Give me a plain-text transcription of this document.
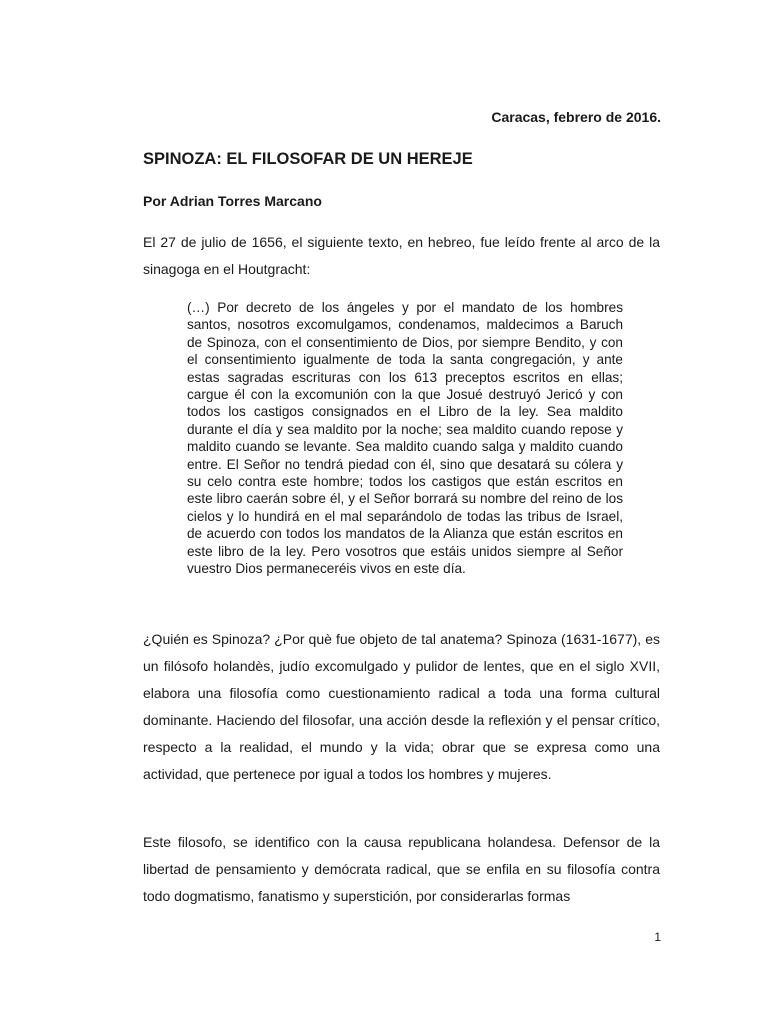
Caracas, febrero de 2016.
SPINOZA: EL FILOSOFAR DE UN HEREJE
Por Adrian Torres Marcano

El 27 de julio de 1656, el siguiente texto, en hebreo, fue leído frente al arco de la sinagoga en el Houtgracht:

(…) Por decreto de los ángeles y por el mandato de los hombres santos, nosotros excomulgamos, condenamos, maldecimos a Baruch de Spinoza, con el consentimiento de Dios, por siempre Bendito, y con el consentimiento igualmente de toda la santa congregación, y ante estas sagradas escrituras con los 613 preceptos escritos en ellas; cargue él con la excomunión con la que Josué destruyó Jericó y con todos los castigos consignados en el Libro de la ley. Sea maldito durante el día y sea maldito por la noche; sea maldito cuando repose y maldito cuando se levante. Sea maldito cuando salga y maldito cuando entre. El Señor no tendrá piedad con él, sino que desatará su cólera y su celo contra este hombre; todos los castigos que están escritos en este libro caerán sobre él, y el Señor borrará su nombre del reino de los cielos y lo hundirá en el mal separándolo de todas las tribus de Israel, de acuerdo con todos los mandatos de la Alianza que están escritos en este libro de la ley. Pero vosotros que estáis unidos siempre al Señor vuestro Dios permaneceréis vivos en este día.

¿Quién es Spinoza? ¿Por què fue objeto de tal anatema? Spinoza (1631-1677), es un filósofo holandès, judío excomulgado y pulidor de lentes, que en el siglo XVII, elabora una filosofía como cuestionamiento radical a toda una forma cultural dominante. Haciendo del filosofar, una acción desde la reflexión y el pensar crítico, respecto a la realidad, el mundo y la vida; obrar que se expresa como una actividad, que pertenece por igual a todos los hombres y mujeres.

Este filosofo, se identifico con la causa republicana holandesa. Defensor de la libertad de pensamiento y demócrata radical, que se enfila en su filosofía contra todo dogmatismo, fanatismo y superstición, por considerarlas formas

1
